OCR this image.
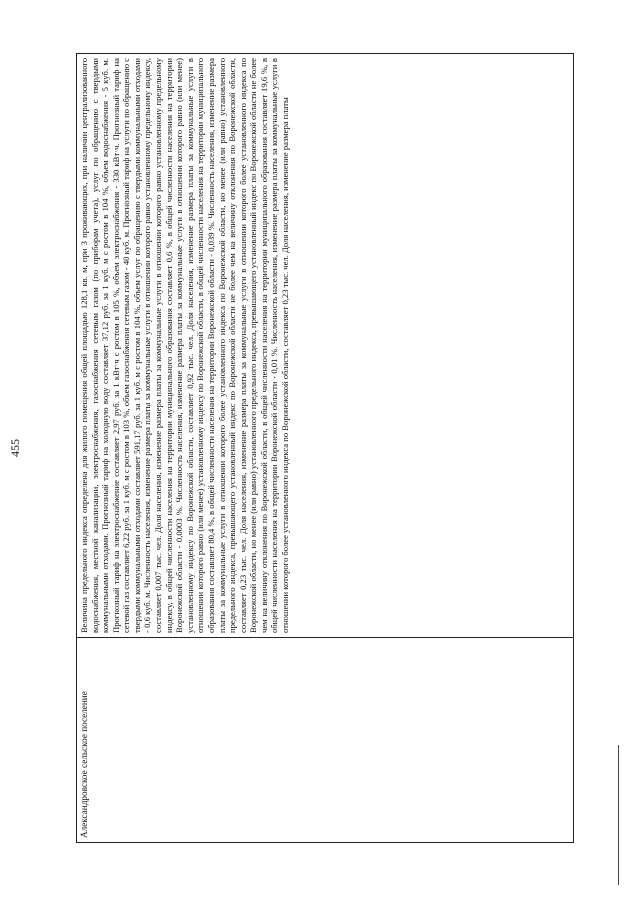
455
Александровское сельское поселение	Величина предельного индекса определена для жилого помещения общей площадью 128,1 кв. м, при 3 проживающих, при наличии централизованного водоснабжения, местной канализации, электроснабжения, газоснабжения сетевым газом (по приборам учета), услуг по обращению с твердыми коммунальными отходами. Прогнозный тариф на холодную воду составляет 37,12 руб. за 1 куб. м с ростом в 104 %, объем водоснабжения - 5 куб. м. Прогнозный тариф на электроснабжение составляет 2,97 руб. за 1 кВт·ч с ростом в 105 %, объем электроснабжения - 330 кВт·ч. Прогнозный тариф на сетевой газ составляет 6,22 руб. за 1 куб. м с ростом в 103 %, объем газоснабжения сетевым газом - 40 куб. м. Прогнозный тариф на услуги по обращению с твердыми коммунальными отходами составляет 591,17 руб. за 1 куб. м с ростом в 104 %, объем услуг по обращению с твердыми коммунальными отходами - 0,6 куб. м. Численность населения, изменение размера платы за коммунальные услуги в отношении которого равно установленному предельному индексу, составляет 0,007 тыс. чел. Доля населения, изменение размера платы за коммунальные услуги в отношении которого равно установленному предельному индексу, в общей численности населения на территории муниципального образования составляет 0,6 %, в общей численности населения на территории Воронежской области - 0,0003 %. Численность населения, изменение размера платы за коммунальные услуги в отношении которого равно (или менее) установленному индексу по Воронежской области, составляет 0,92 тыс. чел. Доля населения, изменение размера платы за коммунальные услуги в отношении которого равно (или менее) установленному индексу по Воронежской области, в общей численности населения на территории муниципального образования составляет 80,4 %, в общей численности населения на территории Воронежской области - 0,039 %. Численность населения, изменение размера платы за коммунальные услуги в отношении которого более установленного индекса по Воронежской области, но менее (или равно) установленного предельного индекса, превышающего установленный индекс по Воронежской области не более чем на величину отклонения по Воронежской области, составляет 0,23 тыс. чел. Доля населения, изменение размера платы за коммунальные услуги в отношении которого более установленного индекса по Воронежской области, но менее (или равно) установленного предельного индекса, превышающего установленный индекс по Воронежской области не более чем на величину отклонения по Воронежской области, в общей численности населения на территории муниципального образования составляет 19,6 %, в общей численности населения на территории Воронежской области - 0,01 %. Численность населения, изменение размера платы за коммунальные услуги в отношении которого более установленного индекса по Воронежской области, составляет 0,23 тыс. чел. Доля населения, изменение размера платы
